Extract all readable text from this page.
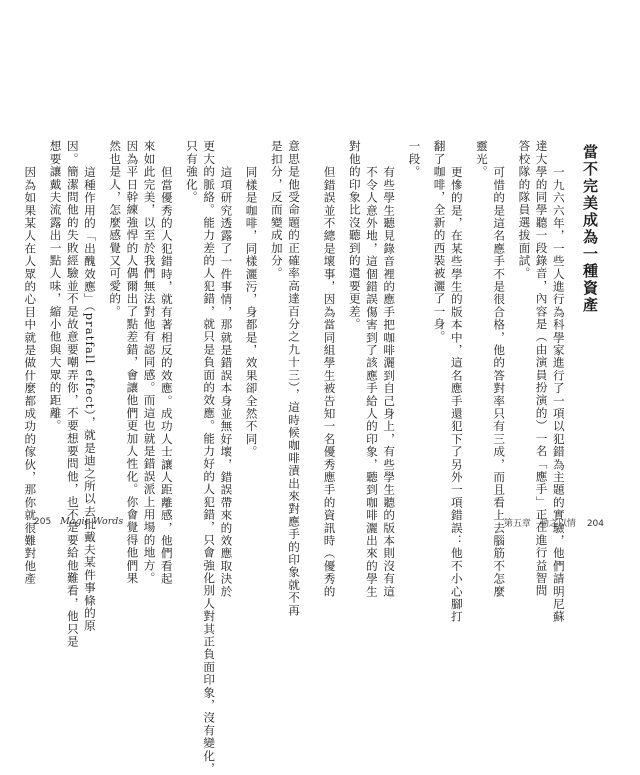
意思是他受命題的正確率高達百分之九十三），這時候咖啡漬出來對應手的印象就不再
是扣分，反而變成加分。
同樣是咖啡，同樣灑污，身都是，效果卻全然不同。
這項研究透露了一件事情，那就是錯誤本身並無好壞，錯誤帶來的效應取決於
更大的脈絡。能力差的人犯錯，就只是負面的效應。能力好的人犯錯，只會強化別人對其正負面印象，沒有變化，
只有強化。
但當優秀的人犯錯時，就有著相反的效應。成功人士讓人距離感，他們看起
來如此完美，以至於我們無法對他有認同感。而這也就是錯誤派上用場的地方。
因為平日幹練強悍的人偶爾出了點差錯，會讓他們更加人性化。你會覺得他們果
然也是人，怎麼感覺又可愛的。
這種作用的「出醜效應」（pratfall effect），就是迪之所以去批戴夫某件事條的原
因。簡潔問他的失敗經驗並不是故意要嘲弄你，不要想要問他，也不是要給他難看，他只是
想要讓戴夫流露出一點人味，縮小他與大眾的距離。
因為如果某人在人眾的心目中就是做什麼都成功的傢伙，那你就很難對他產
205 Magic Words
當不完美成為一種資產
一九六六年，一些人進行為科學家進行了一項以犯錯為主題的實驗，他們請明尼蘇
達大學的同學聽一段錄音，內容是（由演員扮演的）一名「應手」正在進行益智問
答校隊的隊員選拔面試。
可惜的是這名應手不是很合格，他的答對率只有三成，而且看上去腦筋不怎麼
靈光。
更慘的是，在某些學生的版本中，這名應手還犯下了另外一項錯誤：他不小心腳打
翻了咖啡，全新的西裝被灑了一身。
一段。
有些學生聽見錄音裡的應手把咖啡灑到自己身上，有些學生聽的版本則沒有這
不令人意外地，這個錯誤傷害到了該應手給人的印象，聽到咖啡灑出來的學生
對他的印象比沒聽到的還要更差。
但錯誤並不總是壞事，因為當同組學生被告知一名優秀應手的資訊時（優秀的	第五章　動之以情 204
